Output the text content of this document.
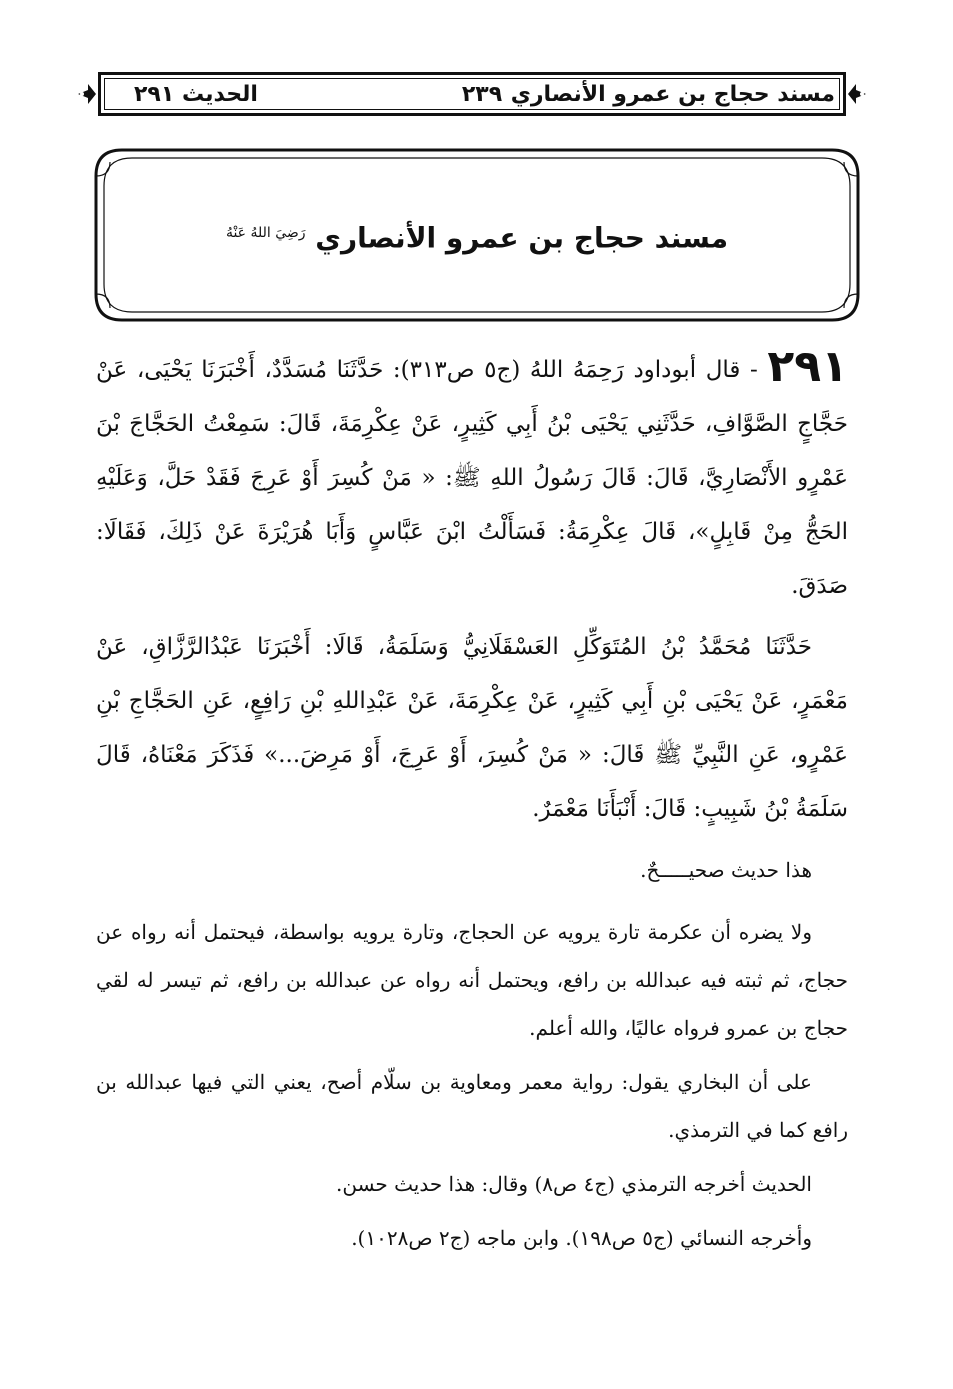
مسند حجاج بن عمرو الأنصاري
٢٣٩
الحديث ٢٩١
مسند حجاج بن عمرو الأنصاري $^{رَضِيَ اللهُ عَنْهُ}$
٢٩١ - قال أبوداود رَحِمَهُ اللهُ (ج٥ ص٣١٣): حَدَّثَنَا مُسَدَّدٌ، أَخْبَرَنَا يَحْيَى، عَنْ حَجَّاجٍ الصَّوَّافِ، حَدَّثَنِي يَحْيَى بْنُ أَبِي كَثِيرٍ، عَنْ عِكْرِمَةَ، قَالَ: سَمِعْتُ الحَجَّاجَ بْنَ عَمْرٍو الأَنْصَارِيَّ، قَالَ: قَالَ رَسُولُ اللهِ ﷺ: « مَنْ كُسِرَ أَوْ عَرِجَ فَقَدْ حَلَّ، وَعَلَيْهِ الحَجُّ مِنْ قَابِلٍ»، قَالَ عِكْرِمَةُ: فَسَأَلْتُ ابْنَ عَبَّاسٍ وَأَبَا هُرَيْرَةَ عَنْ ذَلِكَ، فَقَالَا: صَدَقَ.
حَدَّثَنَا مُحَمَّدُ بْنُ المُتَوَكِّلِ العَسْقَلَانِيُّ وَسَلَمَةُ، قَالَا: أَخْبَرَنَا عَبْدُالرَّزَّاقِ، عَنْ مَعْمَرٍ، عَنْ يَحْيَى بْنِ أَبِي كَثِيرٍ، عَنْ عِكْرِمَةَ، عَنْ عَبْدِاللهِ بْنِ رَافِعٍ، عَنِ الحَجَّاجِ بْنِ عَمْرٍو، عَنِ النَّبِيِّ ﷺ قَالَ: « مَنْ كُسِرَ، أَوْ عَرِجَ، أَوْ مَرِضَ...» فَذَكَرَ مَعْنَاهُ، قَالَ سَلَمَةُ بْنُ شَبِيبٍ: قَالَ: أَنْبَأَنَا مَعْمَرٌ.
هذا حديث صحيـــــحٌ.
ولا يضره أن عكرمة تارة يرويه عن الحجاج، وتارة يرويه بواسطة، فيحتمل أنه رواه عن حجاج، ثم ثبته فيه عبدالله بن رافع، ويحتمل أنه رواه عن عبدالله بن رافع، ثم تيسر له لقي حجاج بن عمرو فرواه عاليًا، والله أعلم.
على أن البخاري يقول: رواية معمر ومعاوية بن سلّام أصح، يعني التي فيها عبدالله بن رافع كما في الترمذي.
الحديث أخرجه الترمذي (ج٤ ص٨) وقال: هذا حديث حسن.
وأخرجه النسائي (ج٥ ص١٩٨). وابن ماجه (ج٢ ص١٠٢٨).
